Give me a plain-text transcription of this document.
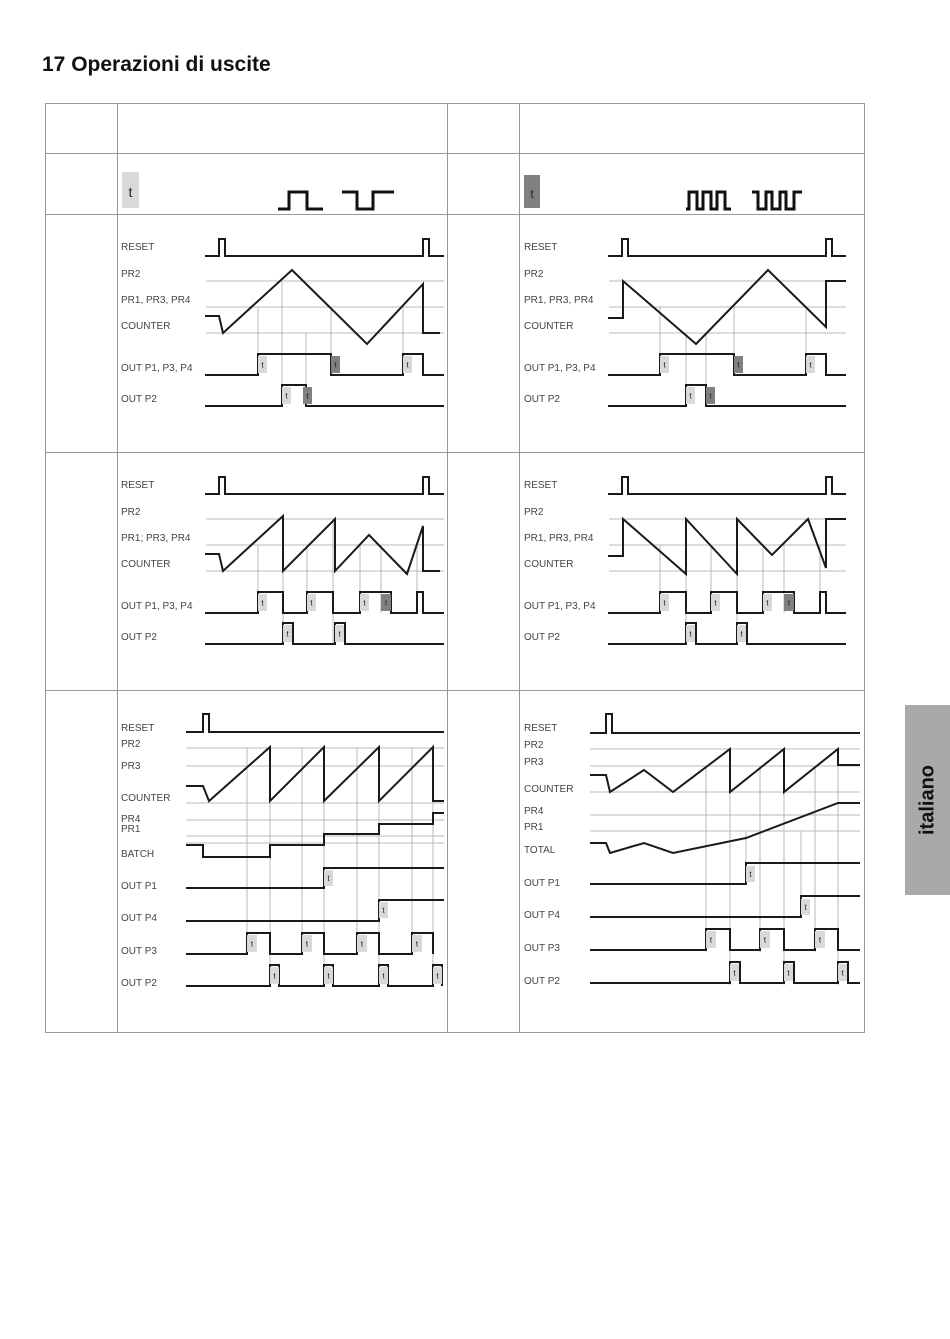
17 Operazioni di uscite
italiano
t	t
RESET
PR2
PR1, PR3, PR4
COUNTER
OUT P1, P3, P4
OUT P2
t	t	t
t t
RESET
PR2
PR1, PR3, PR4
COUNTER
OUT P1, P3, P4
OUT P2
t	t	t
t t
RESET
PR2
PR1; PR3, PR4
COUNTER
OUT P1, P3, P4
OUT P2
t	t	t t
t	t
RESET
PR2
PR1, PR3, PR4
COUNTER
OUT P1, P3, P4
OUT P2
t	t	t t
t	t
RESET
PR2
PR3
COUNTER
PR4
PR1
BATCH
OUT P1
OUT P4
OUT P3
OUT P2
t
t
t	t	t	t
t	t	t	t
RESET
PR2
PR3
COUNTER
PR4
PR1
TOTAL
OUT P1
OUT P4
OUT P3
OUT P2
t
t
t	t	t
t	t	t
